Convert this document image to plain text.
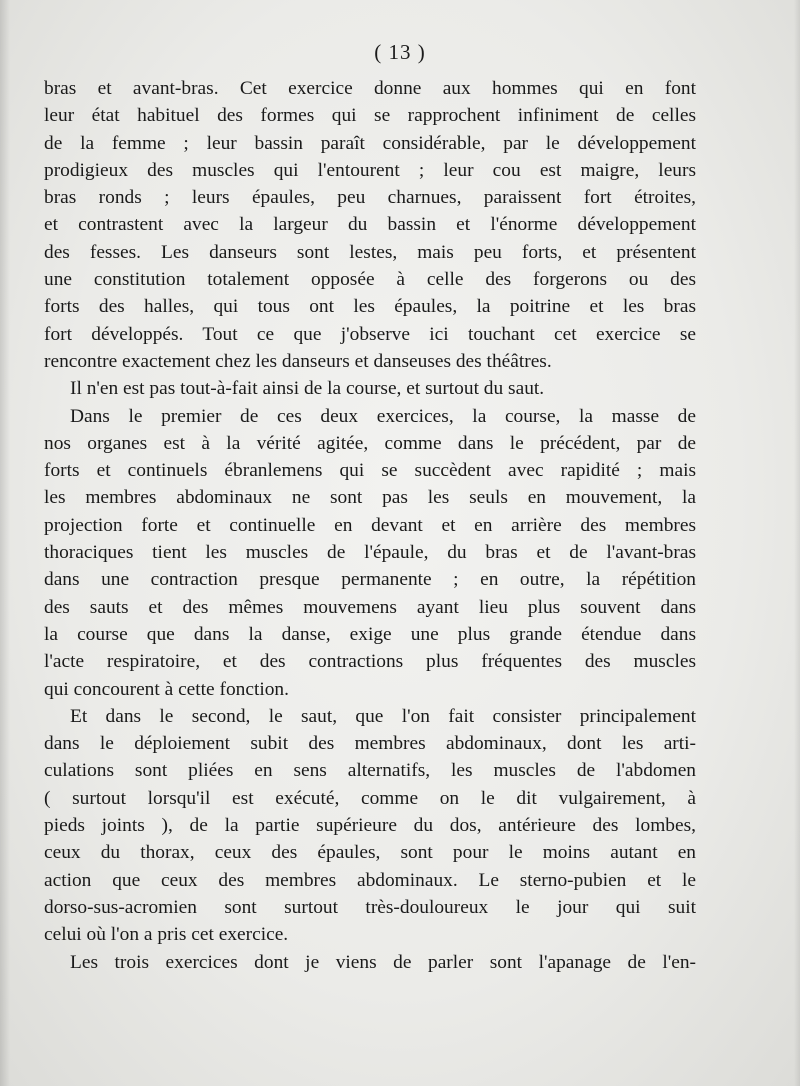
( 13 )
bras et avant-bras. Cet exercice donne aux hommes qui en font
leur état habituel des formes qui se rapprochent infiniment de celles
de la femme ; leur bassin paraît considérable, par le développement
prodigieux des muscles qui l'entourent ; leur cou est maigre, leurs
bras ronds ; leurs épaules, peu charnues, paraissent fort étroites,
et contrastent avec la largeur du bassin et l'énorme développement
des fesses. Les danseurs sont lestes, mais peu forts, et présentent
une constitution totalement opposée à celle des forgerons ou des
forts des halles, qui tous ont les épaules, la poitrine et les bras
fort développés. Tout ce que j'observe ici touchant cet exercice se
rencontre exactement chez les danseurs et danseuses des théâtres.
Il n'en est pas tout-à-fait ainsi de la course, et surtout du saut.
Dans le premier de ces deux exercices, la course, la masse de
nos organes est à la vérité agitée, comme dans le précédent, par de
forts et continuels ébranlemens qui se succèdent avec rapidité ; mais
les membres abdominaux ne sont pas les seuls en mouvement, la
projection forte et continuelle en devant et en arrière des membres
thoraciques tient les muscles de l'épaule, du bras et de l'avant-bras
dans une contraction presque permanente ; en outre, la répétition
des sauts et des mêmes mouvemens ayant lieu plus souvent dans
la course que dans la danse, exige une plus grande étendue dans
l'acte respiratoire, et des contractions plus fréquentes des muscles
qui concourent à cette fonction.
Et dans le second, le saut, que l'on fait consister principalement
dans le déploiement subit des membres abdominaux, dont les arti-
culations sont pliées en sens alternatifs, les muscles de l'abdomen
( surtout lorsqu'il est exécuté, comme on le dit vulgairement, à
pieds joints ), de la partie supérieure du dos, antérieure des lombes,
ceux du thorax, ceux des épaules, sont pour le moins autant en
action que ceux des membres abdominaux. Le sterno-pubien et le
dorso-sus-acromien sont surtout très-douloureux le jour qui suit
celui où l'on a pris cet exercice.
Les trois exercices dont je viens de parler sont l'apanage de l'en-
